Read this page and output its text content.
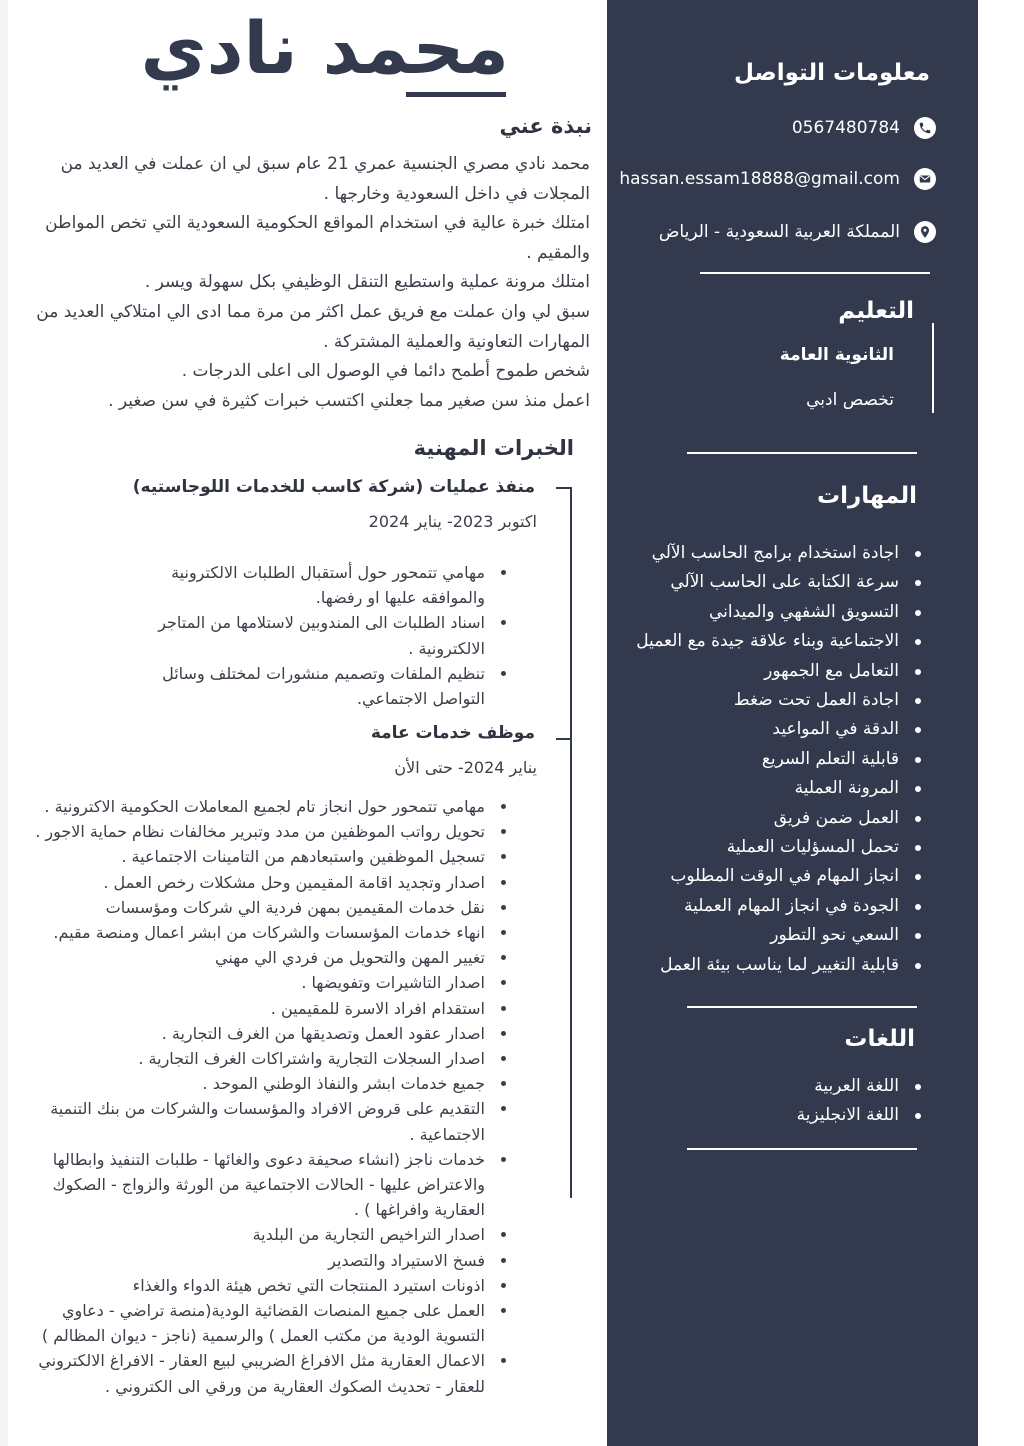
معلومات التواصل
0567480784
hassan.essam18888@gmail.com
المملكة العربية السعودية - الرياض
التعليم
الثانوية العامة
تخصص ادبي
المهارات
اجادة استخدام برامج الحاسب الآلي
سرعة الكتابة على الحاسب الآلي
التسويق الشفهي والميداني
الاجتماعية وبناء علاقة جيدة مع العميل
التعامل مع الجمهور
اجادة العمل تحت ضغط
الدقة في المواعيد
قابلية التعلم السريع
المرونة العملية
العمل ضمن فريق
تحمل المسؤليات العملية
انجاز المهام في الوقت المطلوب
الجودة في انجاز المهام العملية
السعي نحو التطور
قابلية التغيير لما يناسب بيئة العمل
اللغات
اللغة العربية
اللغة الانجليزية
محمد نادي
نبذة عني

محمد نادي مصري الجنسية عمري 21 عام سبق لي ان عملت في العديد من المجلات في داخل السعودية وخارجها .

امتلك خبرة عالية في استخدام المواقع الحكومية السعودية التي تخص المواطن والمقيم .

امتلك مرونة عملية واستطيع التنقل الوظيفي بكل سهولة ويسر .

سبق لي وان عملت مع فريق عمل اكثر من مرة مما ادى الي امتلاكي العديد من المهارات التعاونية والعملية المشتركة .

شخص طموح أطمح دائما في الوصول الى اعلى الدرجات .

اعمل منذ سن صغير مما جعلني اكتسب خبرات كثيرة في سن صغير .

الخبرات المهنية
منفذ عمليات (شركة كاسب للخدمات اللوجاستيه)
اكتوبر 2023- يناير 2024
مهامي تتمحور حول أستقبال الطلبات الالكترونية والموافقه عليها او رفضها.
اسناد الطلبات الى المندوبين لاستلامها من المتاجر الالكترونية .
تنظيم الملفات وتصميم منشورات لمختلف وسائل التواصل الاجتماعي.
موظف خدمات عامة
يناير 2024- حتى الأن
مهامي تتمحور حول انجاز تام لجميع المعاملات الحكومية الاكترونية .
تحويل رواتب الموظفين من مدد وتبرير مخالفات نظام حماية الاجور .
تسجيل الموظفين واستبعادهم من التامينات الاجتماعية .
اصدار وتجديد اقامة المقيمين وحل مشكلات رخص العمل .
نقل خدمات المقيمين بمهن فردية الي شركات ومؤسسات
انهاء خدمات المؤسسات والشركات من ابشر اعمال ومنصة مقيم.
تغيير المهن والتحويل من فردي الي مهني
اصدار التاشيرات وتفويضها .
استقدام افراد الاسرة للمقيمين .
اصدار عقود العمل وتصديقها من الغرف التجارية .
اصدار السجلات التجارية واشتراكات الغرف التجارية .
جميع خدمات ابشر والنفاذ الوطني الموحد .
التقديم على قروض الافراد والمؤسسات والشركات من بنك التنمية الاجتماعية .
خدمات ناجز (انشاء صحيفة دعوى والغائها - طلبات التنفيذ وابطالها والاعتراض عليها - الحالات الاجتماعية من الورثة والزواج - الصكوك العقارية وافراغها ) .
اصدار التراخيص التجارية من البلدية
فسخ الاستيراد والتصدير
اذونات استيرد المنتجات التي تخص هيئة الدواء والغذاء
العمل على جميع المنصات القضائية الودية(منصة تراضي - دعاوي التسوية الودية من مكتب العمل ) والرسمية (ناجز - ديوان المظالم )
الاعمال العقارية مثل الافراغ الضريبي لبيع العقار - الافراغ الالكتروني للعقار - تحديث الصكوك العقارية من ورقي الى الكتروني .
